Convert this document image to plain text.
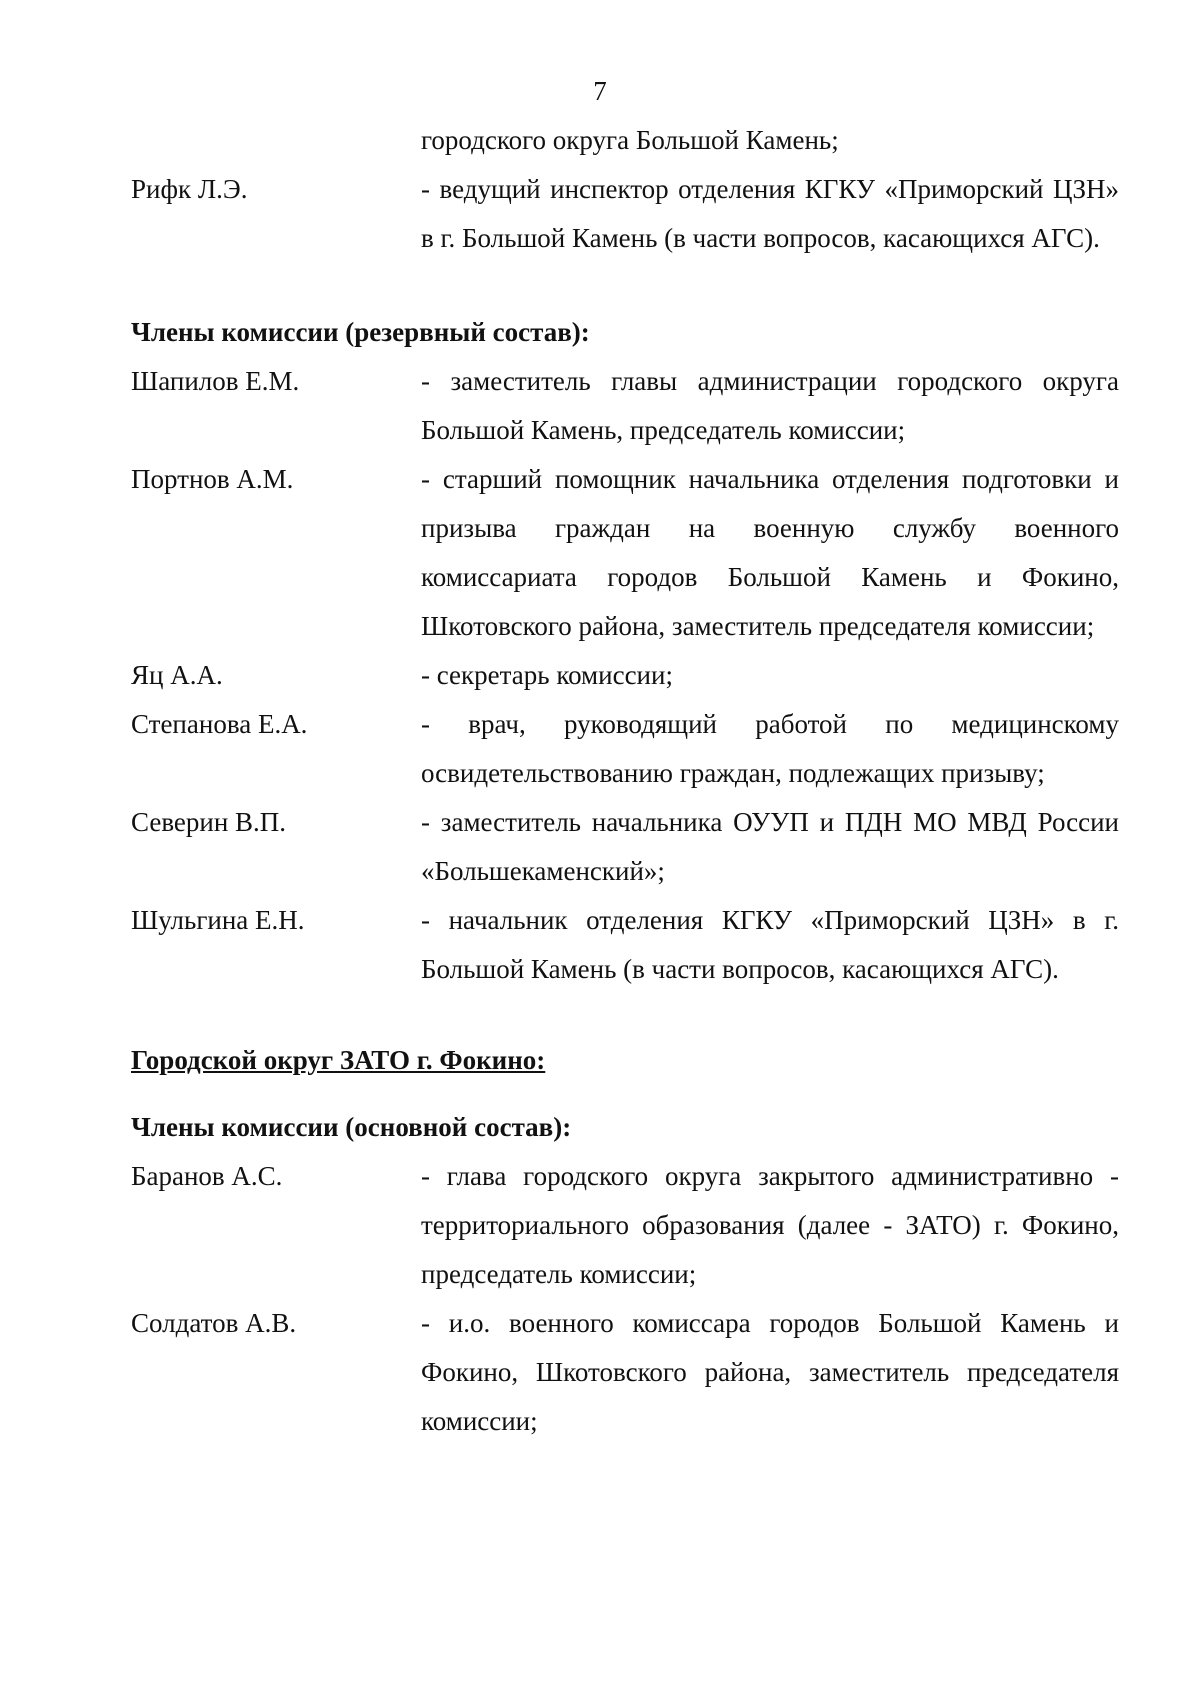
7
городского округа Большой Камень;
Рифк Л.Э.	- ведущий инспектор отделения КГКУ «Приморский ЦЗН» в г. Большой Камень (в части вопросов, касающихся АГС).
Члены комиссии (резервный состав):
Шапилов Е.М.	- заместитель главы администрации городского округа Большой Камень, председатель комиссии;
Портнов А.М.	- старший помощник начальника отделения подготовки и призыва граждан на военную службу военного комиссариата городов Большой Камень и Фокино, Шкотовского района, заместитель председателя комиссии;
Яц А.А.	- секретарь комиссии;
Степанова Е.А.	- врач, руководящий работой по медицинскому освидетельствованию граждан, подлежащих призыву;
Северин В.П.	- заместитель начальника ОУУП и ПДН МО МВД России «Большекаменский»;
Шульгина Е.Н.	- начальник отделения КГКУ «Приморский ЦЗН» в г. Большой Камень (в части вопросов, касающихся АГС).
Городской округ ЗАТО г. Фокино:
Члены комиссии (основной состав):
Баранов А.С.	- глава городского округа закрытого административно - территориального образования (далее - ЗАТО) г. Фокино, председатель комиссии;
Солдатов А.В.	- и.о. военного комиссара городов Большой Камень и Фокино, Шкотовского района, заместитель председателя комиссии;
